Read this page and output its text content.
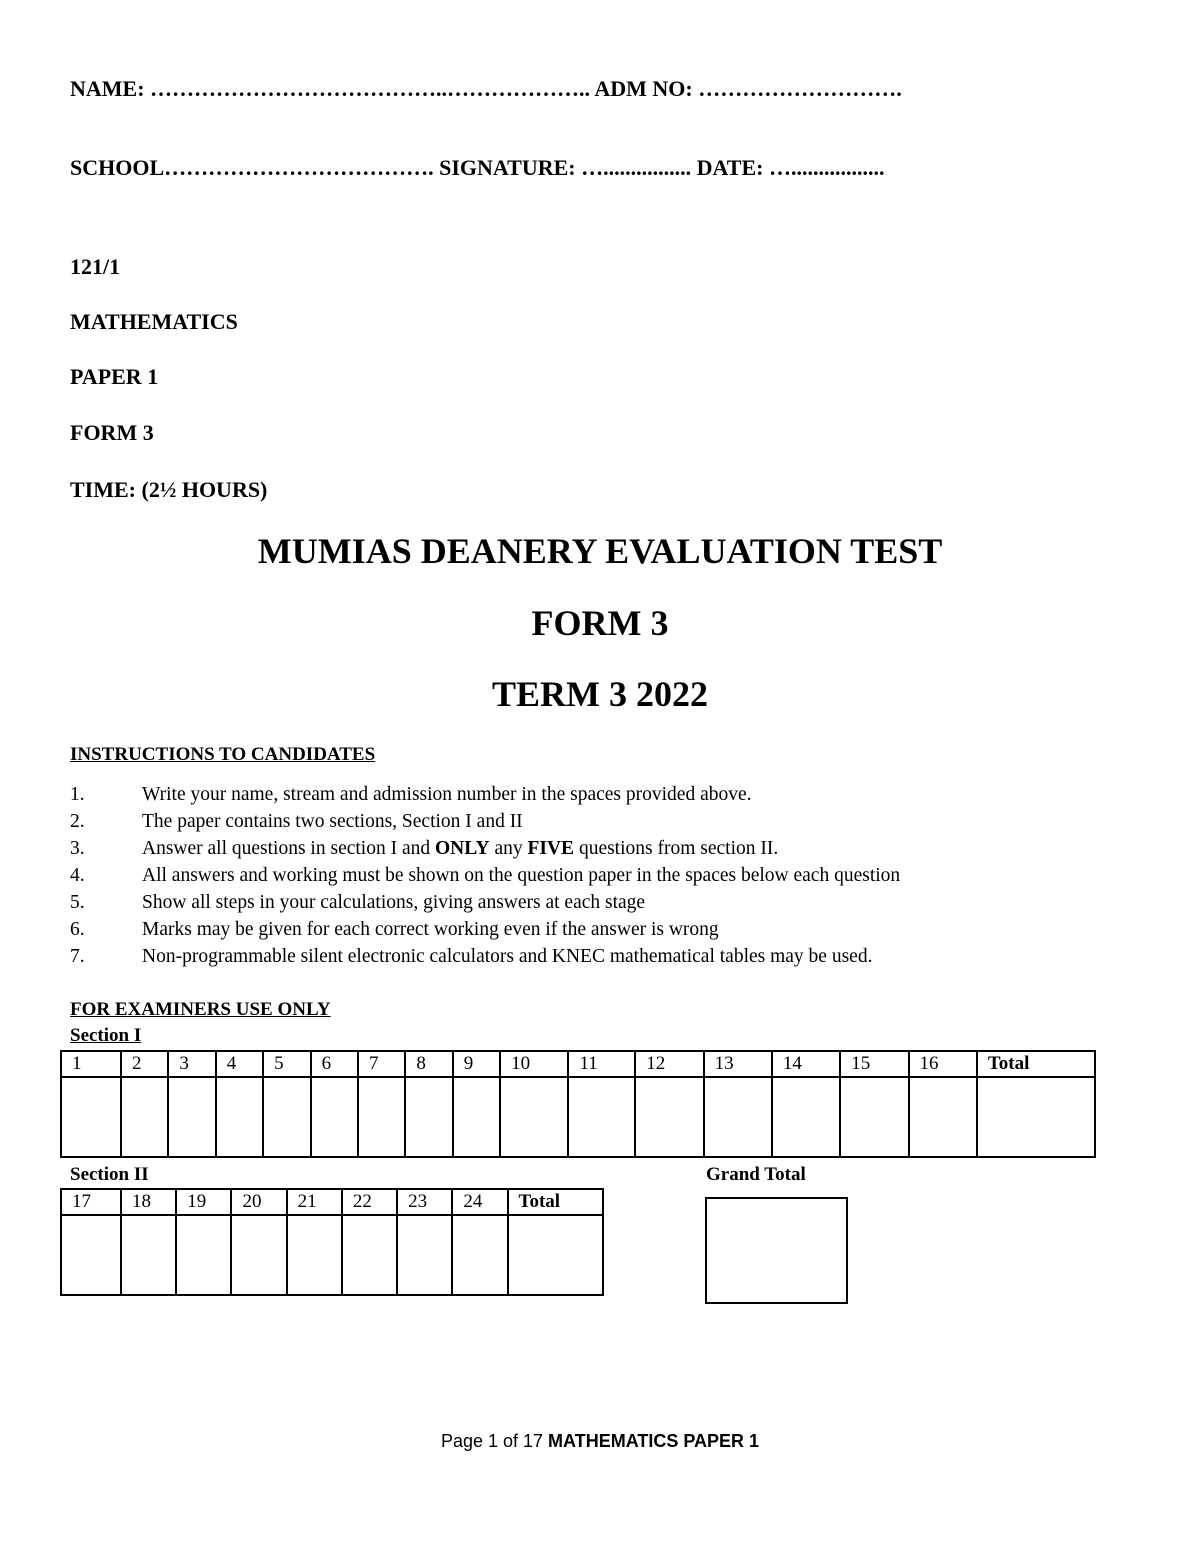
NAME: …………………………………..……………….. ADM NO: ……………………….
SCHOOL………………………………. SIGNATURE: …................ DATE: ….................
121/1
MATHEMATICS
PAPER 1
FORM 3
TIME: (2½ HOURS)
MUMIAS DEANERY EVALUATION TEST
FORM 3
TERM 3 2022
INSTRUCTIONS TO CANDIDATES
1.	Write your name, stream and admission number in the spaces provided above.
2.	The paper contains two sections, Section I and II
3.	Answer all questions in section I and ONLY any FIVE questions from section II.
4.	All answers and working must be shown on the question paper in the spaces below each question
5.	Show all steps in your calculations, giving answers at each stage
6.	Marks may be given for each correct working even if the answer is wrong
7.	Non-programmable silent electronic calculators and KNEC mathematical tables may be used.
FOR EXAMINERS USE ONLY
Section I
1	2	3	4	5	6	7	8	9	10	11	12	13	14	15	16	Total

Section II	Grand Total
17	18	19	20	21	22	23	24	Total

Page 1 of 17 MATHEMATICS PAPER 1
